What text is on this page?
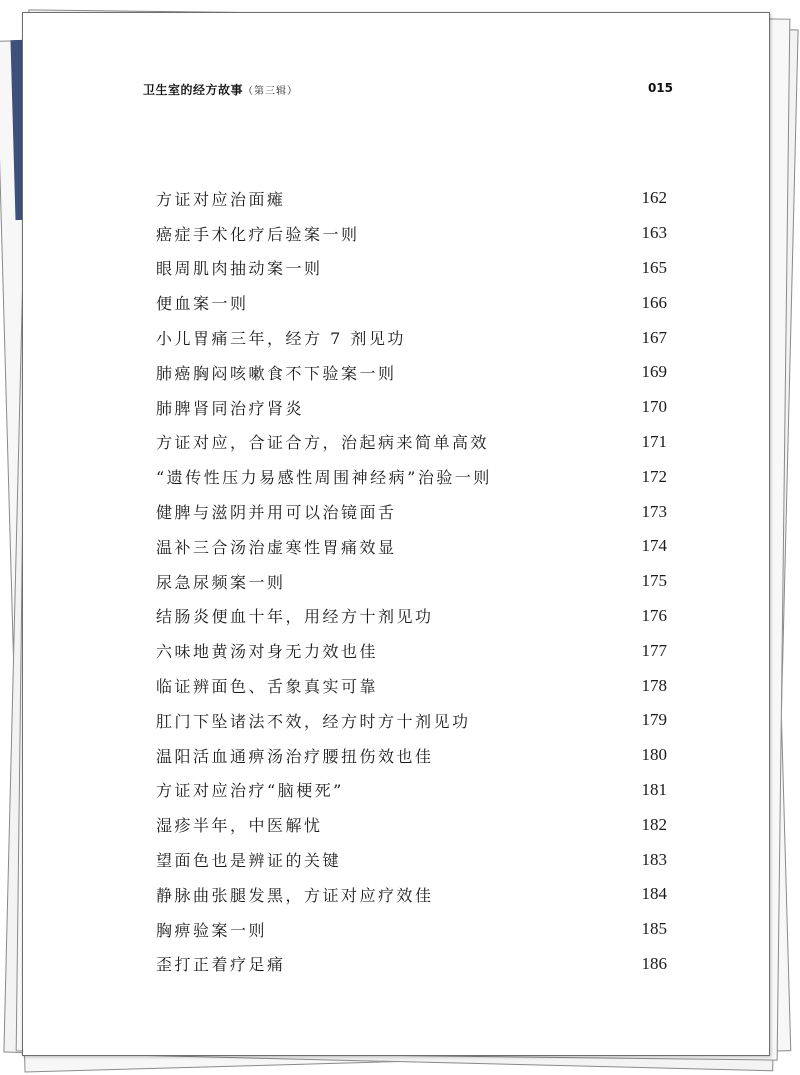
卫生室的经方故事（第三辑）	015
方证对应治面瘫	162
癌症手术化疗后验案一则	163
眼周肌肉抽动案一则	165
便血案一则	166
小儿胃痛三年，经方 7 剂见功	167
肺癌胸闷咳嗽食不下验案一则	169
肺脾肾同治疗肾炎	170
方证对应，合证合方，治起病来简单高效	171
“遗传性压力易感性周围神经病”治验一则	172
健脾与滋阴并用可以治镜面舌	173
温补三合汤治虚寒性胃痛效显	174
尿急尿频案一则	175
结肠炎便血十年，用经方十剂见功	176
六味地黄汤对身无力效也佳	177
临证辨面色、舌象真实可靠	178
肛门下坠诸法不效，经方时方十剂见功	179
温阳活血通痹汤治疗腰扭伤效也佳	180
方证对应治疗“脑梗死”	181
湿疹半年，中医解忧	182
望面色也是辨证的关键	183
静脉曲张腿发黑，方证对应疗效佳	184
胸痹验案一则	185
歪打正着疗足痛	186
